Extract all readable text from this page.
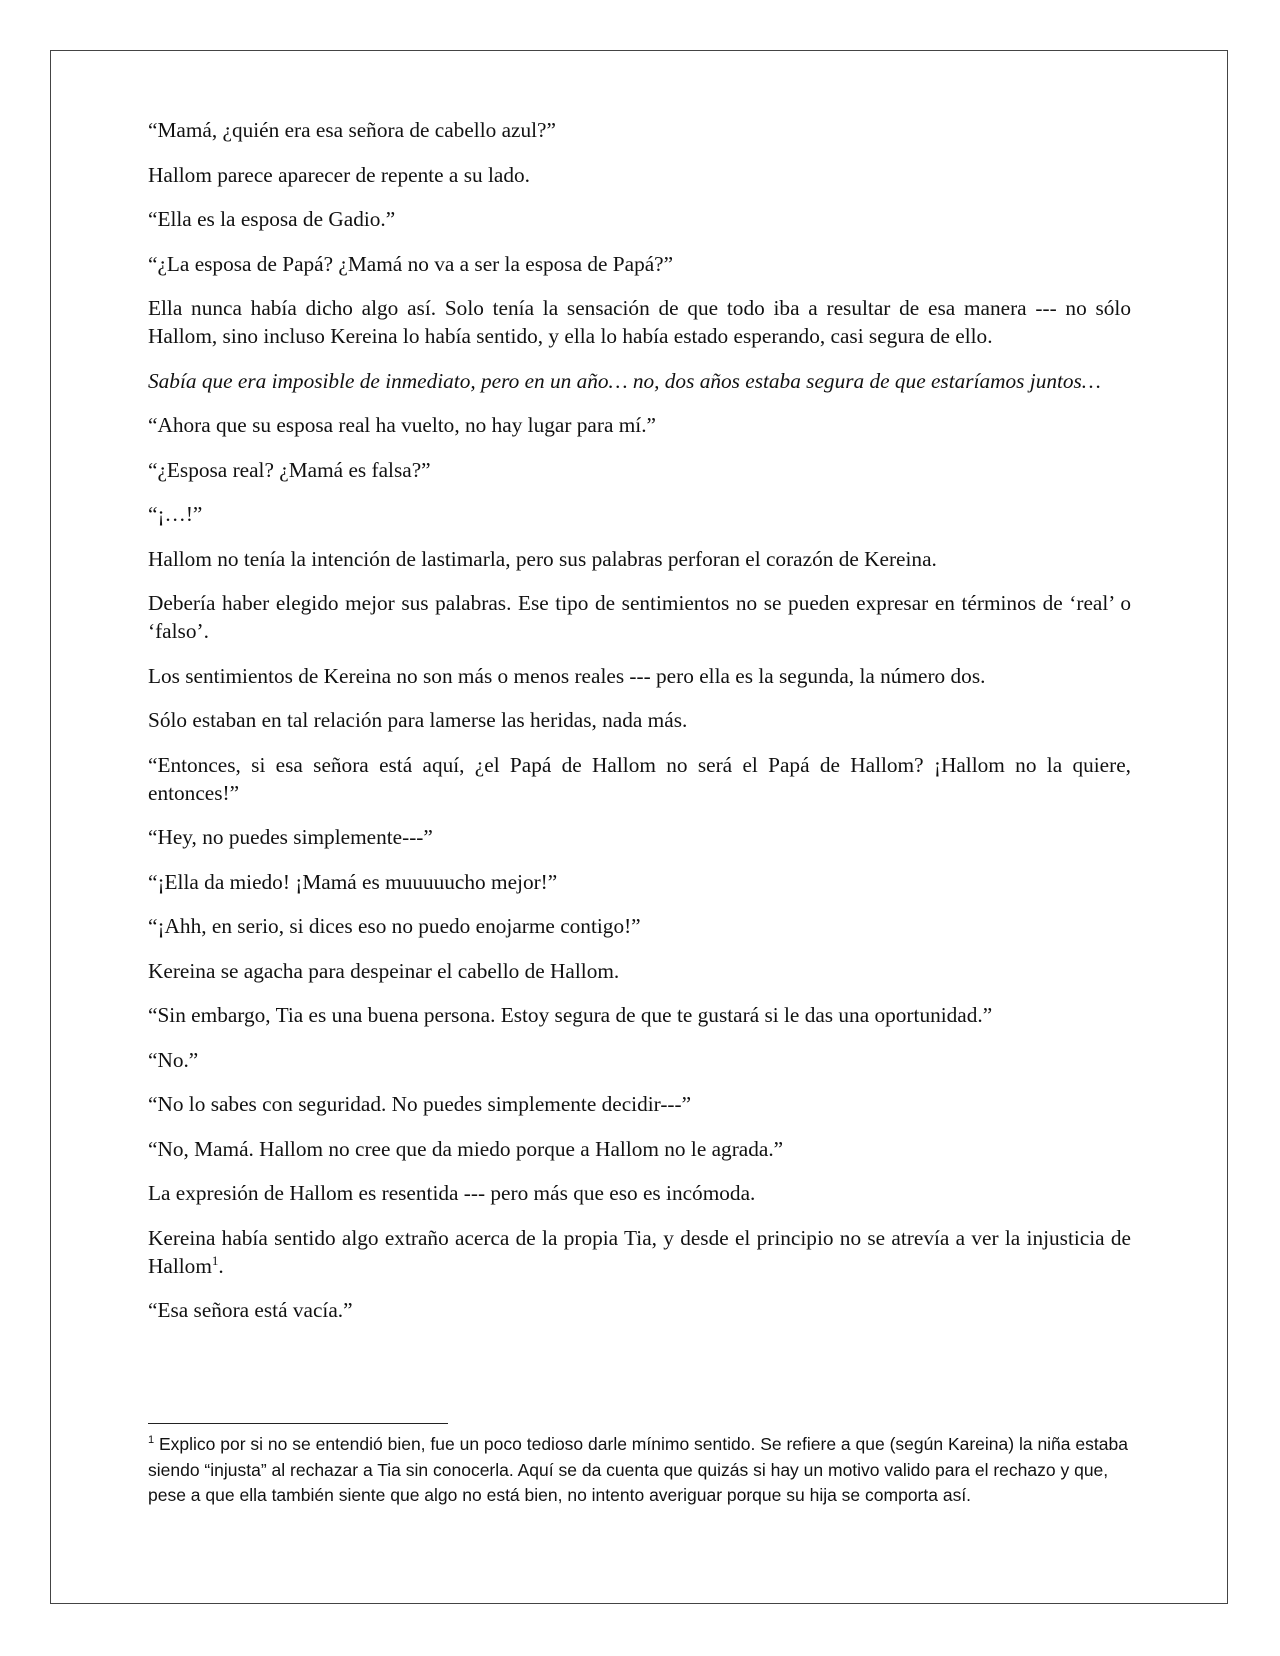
“Mamá, ¿quién era esa señora de cabello azul?”

Hallom parece aparecer de repente a su lado.

“Ella es la esposa de Gadio.”

“¿La esposa de Papá? ¿Mamá no va a ser la esposa de Papá?”

Ella nunca había dicho algo así. Solo tenía la sensación de que todo iba a resultar de esa manera --- no sólo Hallom, sino incluso Kereina lo había sentido, y ella lo había estado esperando, casi segura de ello.

Sabía que era imposible de inmediato, pero en un año… no, dos años estaba segura de que estaríamos juntos…

“Ahora que su esposa real ha vuelto, no hay lugar para mí.”

“¿Esposa real? ¿Mamá es falsa?”

“¡…!”

Hallom no tenía la intención de lastimarla, pero sus palabras perforan el corazón de Kereina.

Debería haber elegido mejor sus palabras. Ese tipo de sentimientos no se pueden expresar en términos de ‘real’ o ‘falso’.

Los sentimientos de Kereina no son más o menos reales --- pero ella es la segunda, la número dos.

Sólo estaban en tal relación para lamerse las heridas, nada más.

“Entonces, si esa señora está aquí, ¿el Papá de Hallom no será el Papá de Hallom? ¡Hallom no la quiere, entonces!”

“Hey, no puedes simplemente---”

“¡Ella da miedo! ¡Mamá es muuuuucho mejor!”

“¡Ahh, en serio, si dices eso no puedo enojarme contigo!”

Kereina se agacha para despeinar el cabello de Hallom.

“Sin embargo, Tia es una buena persona. Estoy segura de que te gustará si le das una oportunidad.”

“No.”

“No lo sabes con seguridad. No puedes simplemente decidir---”

“No, Mamá. Hallom no cree que da miedo porque a Hallom no le agrada.”

La expresión de Hallom es resentida --- pero más que eso es incómoda.

Kereina había sentido algo extraño acerca de la propia Tia, y desde el principio no se atrevía a ver la injusticia de Hallom$^1$.

“Esa señora está vacía.”

$^1$ Explico por si no se entendió bien, fue un poco tedioso darle mínimo sentido. Se refiere a que (según Kareina) la niña estaba siendo “injusta” al rechazar a Tia sin conocerla. Aquí se da cuenta que quizás si hay un motivo valido para el rechazo y que, pese a que ella también siente que algo no está bien, no intento averiguar porque su hija se comporta así.
